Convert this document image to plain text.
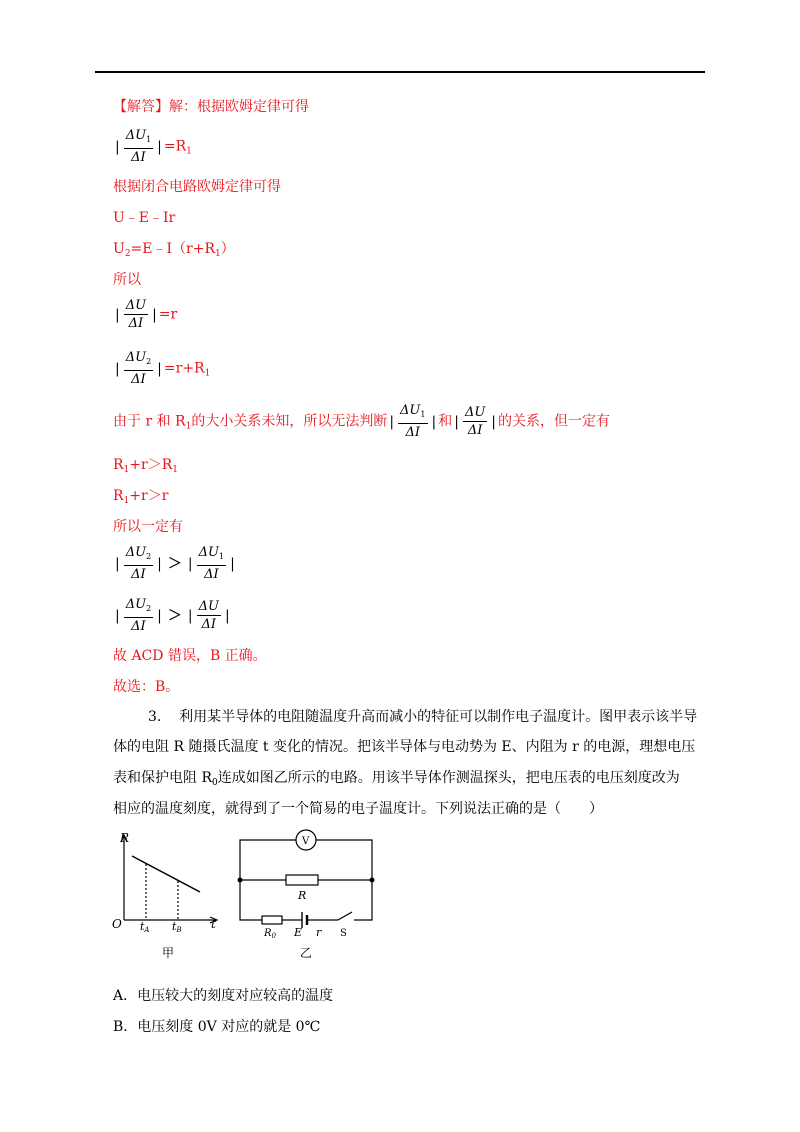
【解答】解：根据欧姆定律可得
| $\frac{\Delta U_1}{\Delta I}$ | $=R_1$
根据闭合电路欧姆定律可得
U﹣E﹣Ir
$U_2=E﹣I(r+R_1)$
所以
| $\frac{\Delta U}{\Delta I}$ | =r
| $\frac{\Delta U_2}{\Delta I}$ | $=r+R_1$
由于 r 和 $R_1$的大小关系未知，所以无法判断 | $\frac{\Delta U_1}{\Delta I}$ | 和 | $\frac{\Delta U}{\Delta I}$ | 的关系，但一定有
$R_1+r>R_1$
$R_1+r>r$
所以一定有
| $\frac{\Delta U_2}{\Delta I}$ | ＞ | $\frac{\Delta U_1}{\Delta I}$ |
| $\frac{\Delta U_2}{\Delta I}$ | ＞ | $\frac{\Delta U}{\Delta I}$ |
故 ACD 错误，B 正确。
故选：B。
3. 利用某半导体的电阻随温度升高而减小的特征可以制作电子温度计。图甲表示该半导
体的电阻 R 随摄氏温度 t 变化的情况。把该半导体与电动势为 E、内阻为 r 的电源，理想电压
表和保护电阻 $R_0$连成如图乙所示的电路。用该半导体作测温探头，把电压表的电压刻度改为
相应的温度刻度，就得到了一个简易的电子温度计。下列说法正确的是（　　）
R
t
O tA tB
甲
V
R
$R_0$ E r S
乙
A．电压较大的刻度对应较高的温度
B．电压刻度 0V 对应的就是 0℃
